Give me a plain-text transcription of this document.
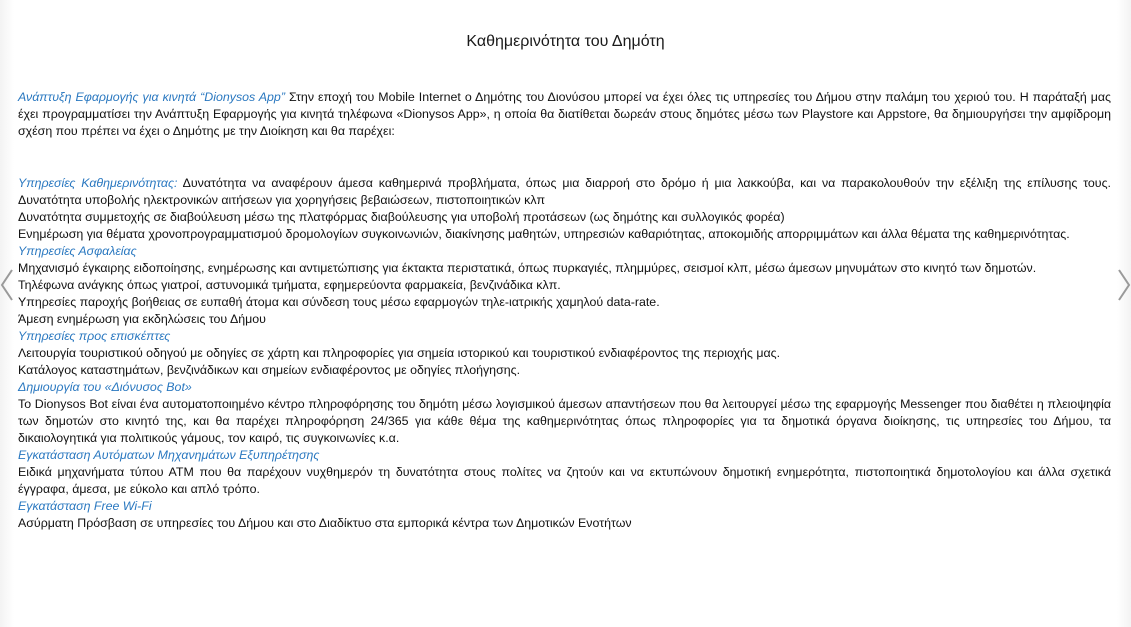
Καθημερινότητα του Δημότη

Ανάπτυξη Εφαρμογής για κινητά “Dionysos App” Στην εποχή του Mobile Internet ο Δημότης του Διονύσου μπορεί να έχει όλες τις υπηρεσίες του Δήμου στην παλάμη του χεριού του. Η παράταξή μας έχει προγραμματίσει την Ανάπτυξη Εφαρμογής για κινητά τηλέφωνα «Dionysos App», η οποία θα διατίθεται δωρεάν στους δημότες μέσω των Playstore και Appstore, θα δημιουργήσει την αμφίδρομη σχέση που πρέπει να έχει ο Δημότης με την Διοίκηση και θα παρέχει:

Υπηρεσίες Καθημερινότητας: Δυνατότητα να αναφέρουν άμεσα καθημερινά προβλήματα, όπως μια διαρροή στο δρόμο ή μια λακκούβα, και να παρακολουθούν την εξέλιξη της επίλυσης τους. Δυνατότητα υποβολής ηλεκτρονικών αιτήσεων για χορηγήσεις βεβαιώσεων, πιστοποιητικών κλπ

Δυνατότητα συμμετοχής σε διαβούλευση μέσω της πλατφόρμας διαβούλευσης για υποβολή προτάσεων (ως δημότης και συλλογικός φορέα)

Ενημέρωση για θέματα χρονοπρογραμματισμού δρομολογίων συγκοινωνιών, διακίνησης μαθητών, υπηρεσιών καθαριότητας, αποκομιδής απορριμμάτων και άλλα θέματα της καθημερινότητας.

Υπηρεσίες Ασφαλείας

Μηχανισμό έγκαιρης ειδοποίησης, ενημέρωσης και αντιμετώπισης για έκτακτα περιστατικά, όπως πυρκαγιές, πλημμύρες, σεισμοί κλπ, μέσω άμεσων μηνυμάτων στο κινητό των δημοτών.

Τηλέφωνα ανάγκης όπως γιατροί, αστυνομικά τμήματα, εφημερεύοντα φαρμακεία, βενζινάδικα κλπ.

Υπηρεσίες παροχής βοήθειας σε ευπαθή άτομα και σύνδεση τους μέσω εφαρμογών τηλε-ιατρικής χαμηλού data-rate.

Άμεση ενημέρωση για εκδηλώσεις του Δήμου

Υπηρεσίες προς επισκέπτες

Λειτουργία τουριστικού οδηγού με οδηγίες σε χάρτη και πληροφορίες για σημεία ιστορικού και τουριστικού ενδιαφέροντος της περιοχής μας.

Κατάλογος καταστημάτων, βενζινάδικων και σημείων ενδιαφέροντος με οδηγίες πλοήγησης.

Δημιουργία του «Διόνυσος Bot»

Το Dionysos Bot είναι ένα αυτοματοποιημένο κέντρο πληροφόρησης του δημότη μέσω λογισμικού άμεσων απαντήσεων που θα λειτουργεί μέσω της εφαρμογής Messenger που διαθέτει η πλειοψηφία των δημοτών στο κινητό της, και θα παρέχει πληροφόρηση 24/365 για κάθε θέμα της καθημερινότητας όπως πληροφορίες για τα δημοτικά όργανα διοίκησης, τις υπηρεσίες του Δήμου, τα δικαιολογητικά για πολιτικούς γάμους, τον καιρό, τις συγκοινωνίες κ.α.

Εγκατάσταση Αυτόματων Μηχανημάτων Εξυπηρέτησης

Ειδικά μηχανήματα τύπου ΑΤΜ που θα παρέχουν νυχθημερόν τη δυνατότητα στους πολίτες να ζητούν και να εκτυπώνουν δημοτική ενημερότητα, πιστοποιητικά δημοτολογίου και άλλα σχετικά έγγραφα, άμεσα, με εύκολο και απλό τρόπο.

Εγκατάσταση Free Wi-Fi

Ασύρματη Πρόσβαση σε υπηρεσίες του Δήμου και στο Διαδίκτυο στα εμπορικά κέντρα των Δημοτικών Ενοτήτων
